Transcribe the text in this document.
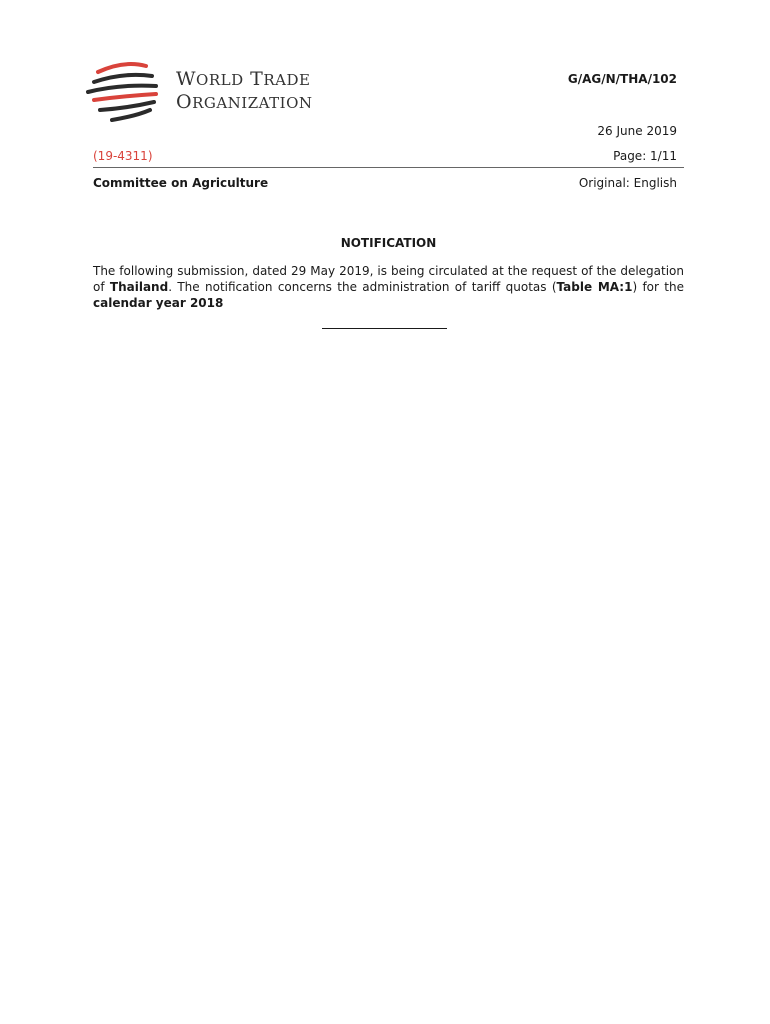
WORLD TRADE
ORGANIZATION
G/AG/N/THA/102
26 June 2019
(19-4311)	Page: 1/11
Committee on Agriculture	Original: English
NOTIFICATION
The following submission, dated 29 May 2019, is being circulated at the request of the delegation of Thailand. The notification concerns the administration of tariff quotas (Table MA:1) for the calendar year 2018
